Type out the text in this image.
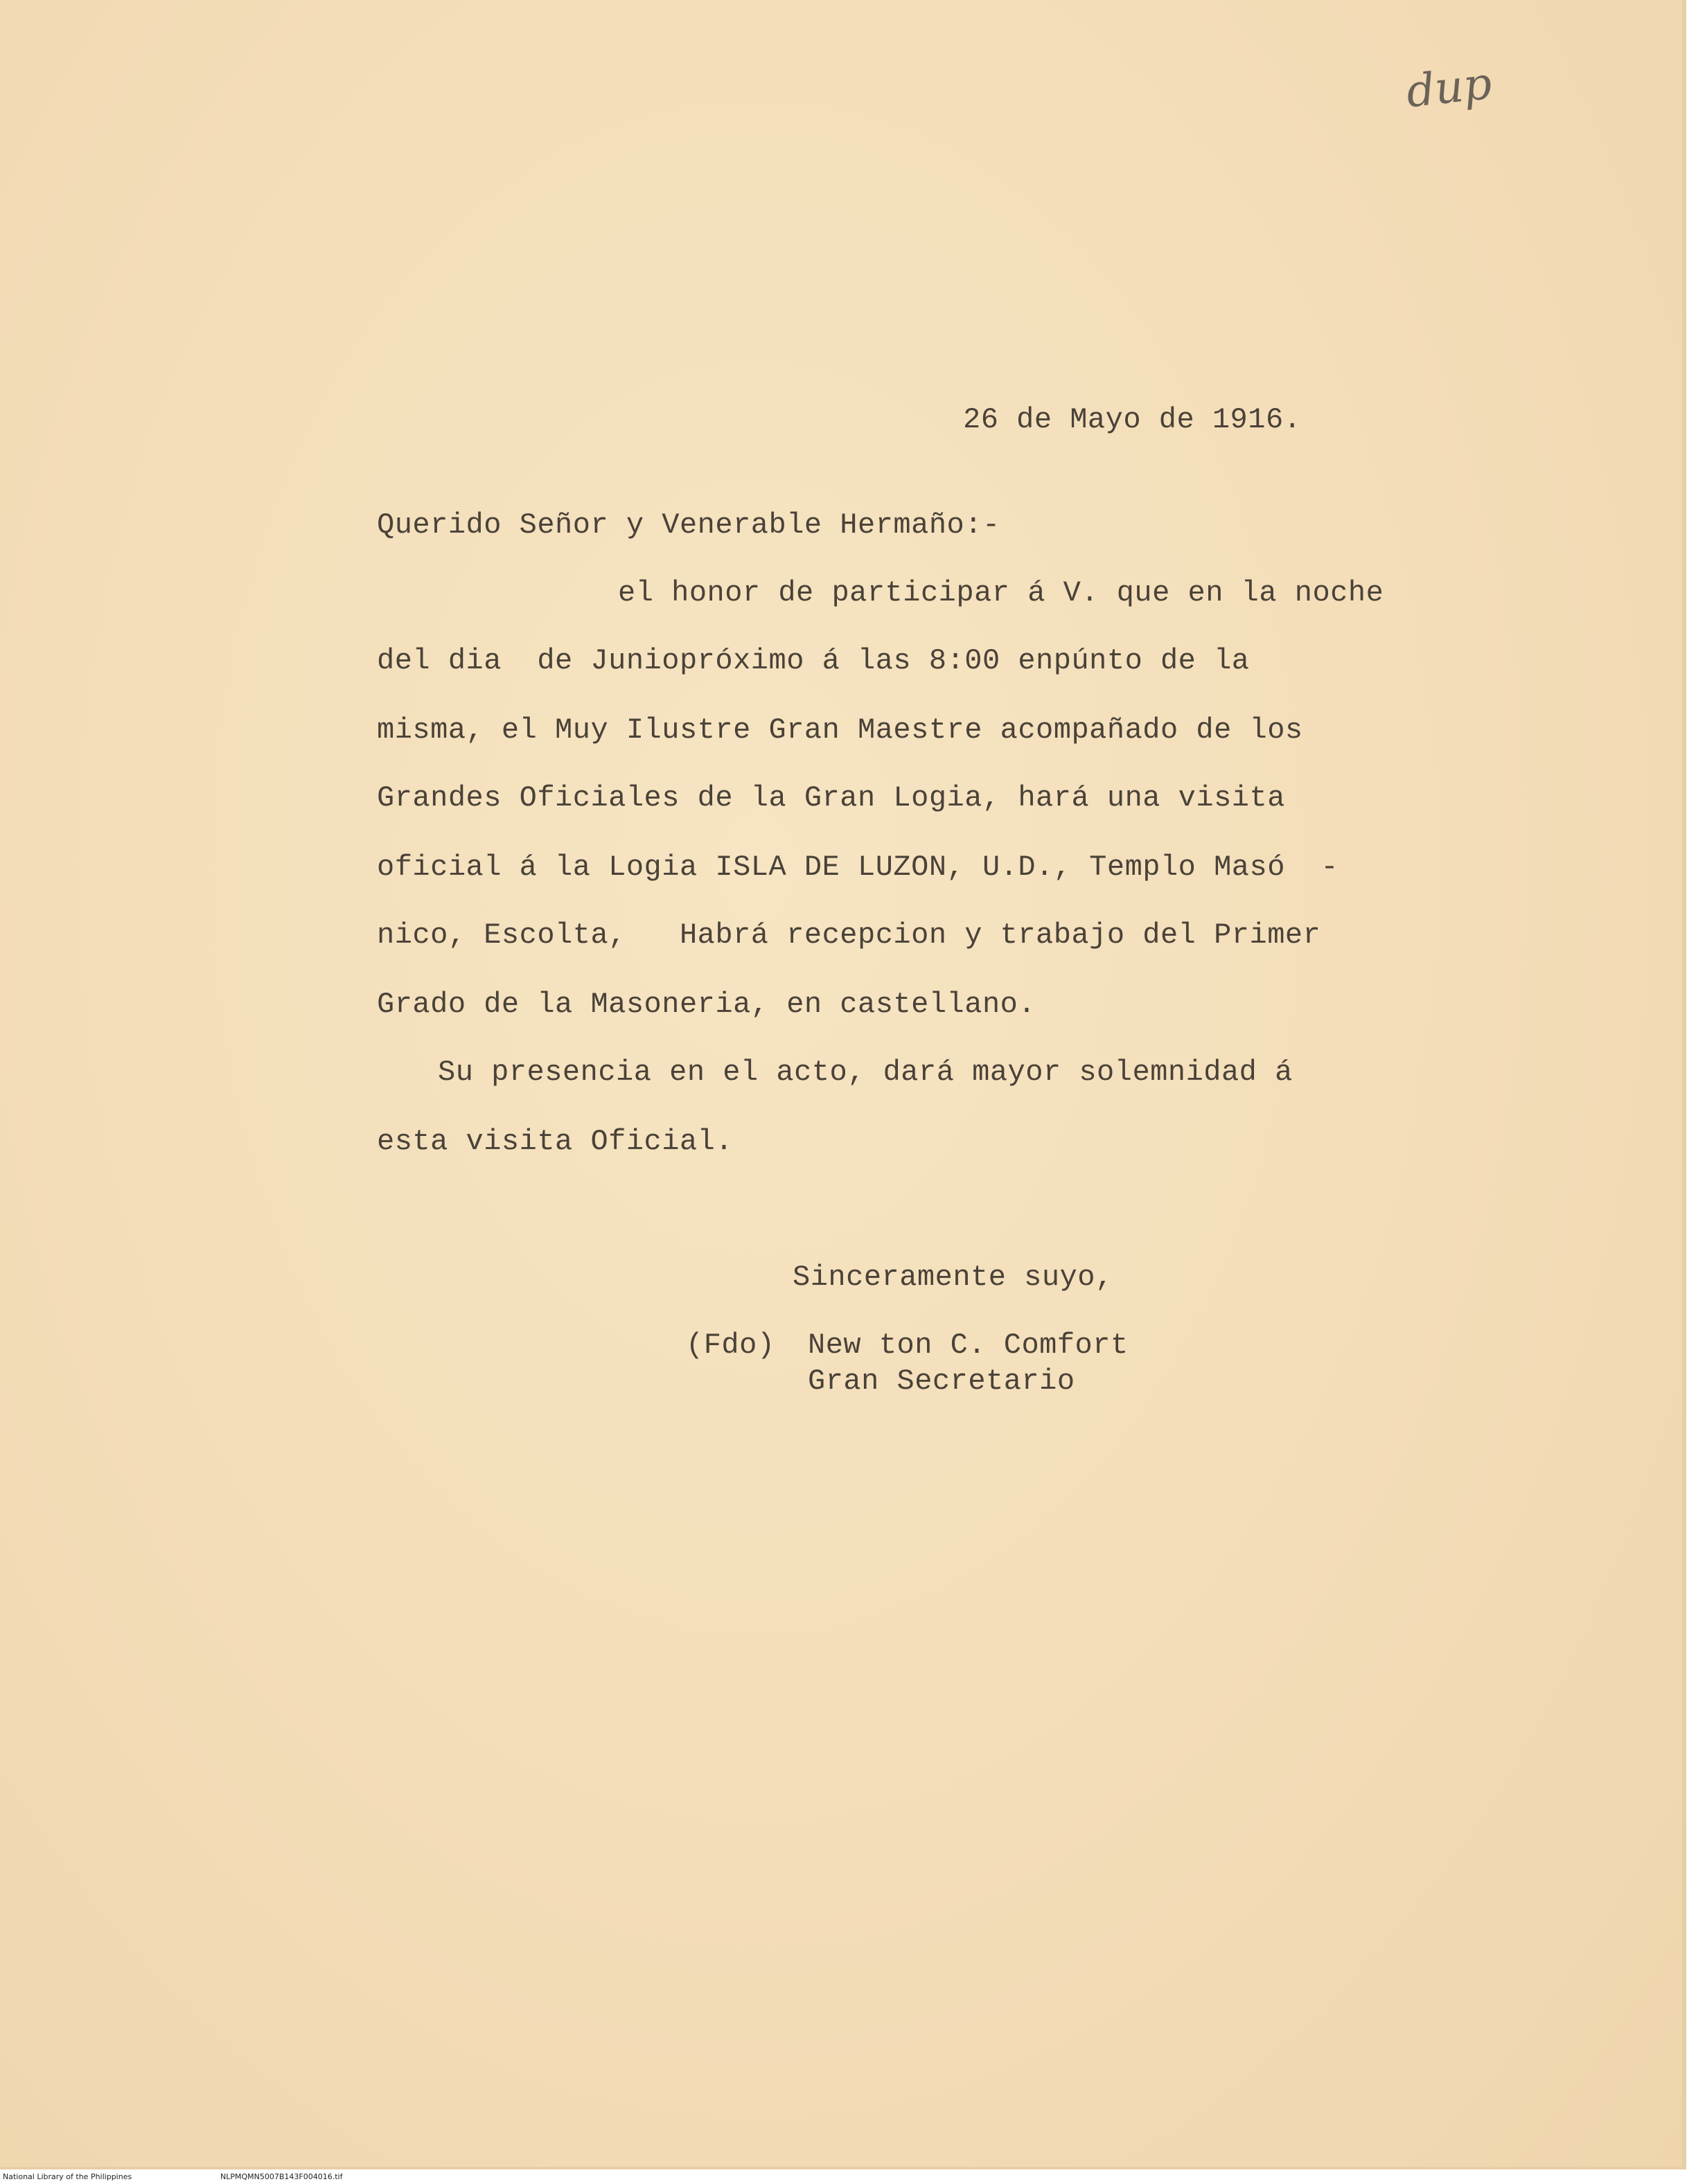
dup
26 de Mayo de 1916.
Querido Señor y Venerable Hermaño:-
el honor de participar á V. que en la noche
del dia  de Juniopróximo á las 8:00 enpúnto de la
misma, el Muy Ilustre Gran Maestre acompañado de los
Grandes Oficiales de la Gran Logia, hará una visita
oficial á la Logia ISLA DE LUZON, U.D., Templo Masó  -
nico, Escolta,   Habrá recepcion y trabajo del Primer
Grado de la Masoneria, en castellano.
Su presencia en el acto, dará mayor solemnidad á
esta visita Oficial.
Sinceramente suyo,
(Fdo) New ton C. Comfort
Gran Secretario
National Library of the Philippines	NLPMQMN5007B143F004016.tif
